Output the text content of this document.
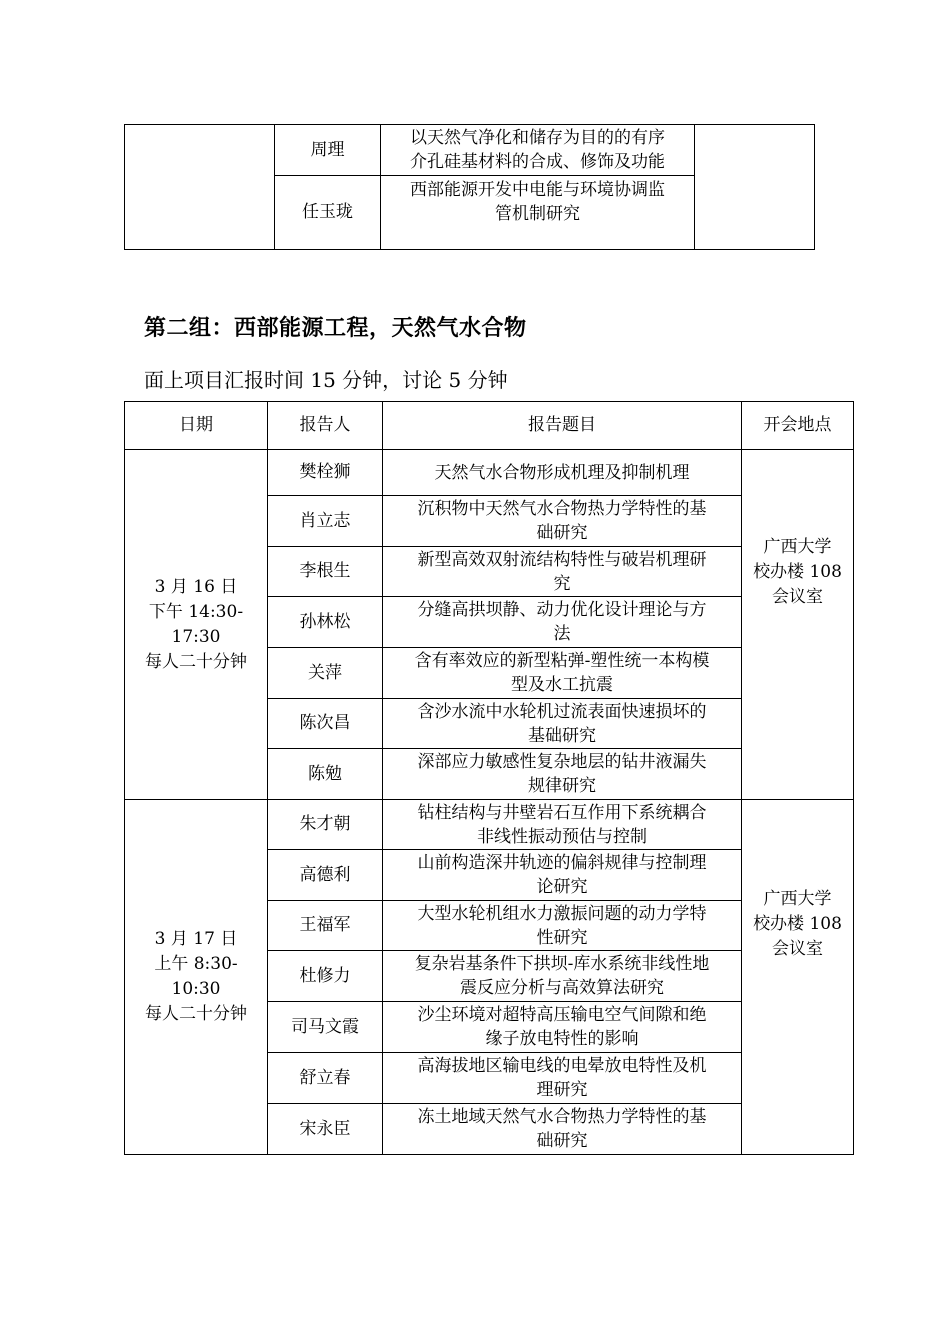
	周理	以天然气净化和储存为目的的有序
介孔硅基材料的合成、修饰及功能	

	任玉珑	西部能源开发中电能与环境协调监
管机制研究	
第二组：西部能源工程，天然气水合物

面上项目汇报时间 15 分钟，讨论 5 分钟

日期	报告人	报告题目	开会地点

3 月 16 日
下午 14:30-
17:30
每人二十分钟	樊栓狮	天然气水合物形成机理及抑制机理	广西大学
校办楼 108
会议室

	肖立志	沉积物中天然气水合物热力学特性的基
础研究	

	李根生	新型高效双射流结构特性与破岩机理研
究	

	孙林松	分缝高拱坝静、动力优化设计理论与方
法	

	关萍	含有率效应的新型粘弹-塑性统一本构模
型及水工抗震	

	陈次昌	含沙水流中水轮机过流表面快速损坏的
基础研究	

	陈勉	深部应力敏感性复杂地层的钻井液漏失
规律研究	

3 月 17 日
上午 8:30-
10:30
每人二十分钟	朱才朝	钻柱结构与井壁岩石互作用下系统耦合
非线性振动预估与控制	广西大学
校办楼 108
会议室

	高德利	山前构造深井轨迹的偏斜规律与控制理
论研究	

	王福军	大型水轮机组水力激振问题的动力学特
性研究	

	杜修力	复杂岩基条件下拱坝-库水系统非线性地
震反应分析与高效算法研究	

	司马文霞	沙尘环境对超特高压输电空气间隙和绝
缘子放电特性的影响	

	舒立春	高海拔地区输电线的电晕放电特性及机
理研究	

	宋永臣	冻土地域天然气水合物热力学特性的基
础研究	
